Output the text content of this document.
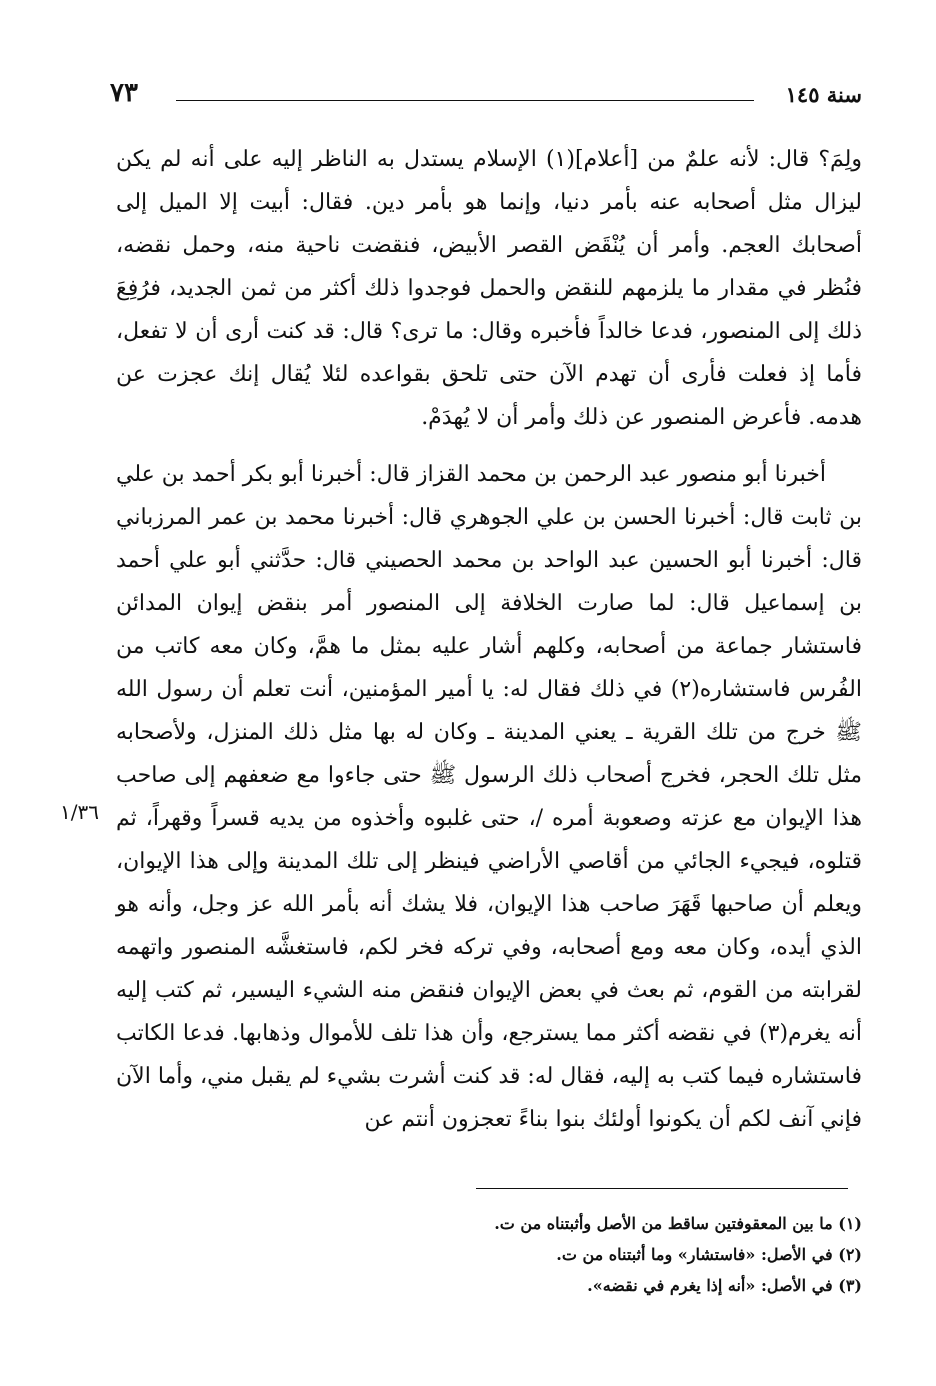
سنة ١٤٥
٧٣
١/٣٦

ولِمَ؟ قال: لأنه علمٌ من [أعلام](١) الإسلام يستدل به الناظر إليه على أنه لم يكن ليزال مثل أصحابه عنه بأمر دنيا، وإنما هو بأمر دين. فقال: أبيت إلا الميل إلى أصحابك العجم. وأمر أن يُنْقَض القصر الأبيض، فنقضت ناحية منه، وحمل نقضه، فنُظر في مقدار ما يلزمهم للنقض والحمل فوجدوا ذلك أكثر من ثمن الجديد، فرُفِعَ ذلك إلى المنصور، فدعا خالداً فأخبره وقال: ما ترى؟ قال: قد كنت أرى أن لا تفعل، فأما إذ فعلت فأرى أن تهدم الآن حتى تلحق بقواعده لئلا يُقال إنك عجزت عن هدمه. فأعرض المنصور عن ذلك وأمر أن لا يُهدَمْ.

أخبرنا أبو منصور عبد الرحمن بن محمد القزاز قال: أخبرنا أبو بكر أحمد بن علي بن ثابت قال: أخبرنا الحسن بن علي الجوهري قال: أخبرنا محمد بن عمر المرزباني قال: أخبرنا أبو الحسين عبد الواحد بن محمد الحصيني قال: حدَّثني أبو علي أحمد بن إسماعيل قال: لما صارت الخلافة إلى المنصور أمر بنقض إيوان المدائن فاستشار جماعة من أصحابه، وكلهم أشار عليه بمثل ما همَّ، وكان معه كاتب من الفُرس فاستشاره(٢) في ذلك فقال له: يا أمير المؤمنين، أنت تعلم أن رسول الله ﷺ خرج من تلك القرية ـ يعني المدينة ـ وكان له بها مثل ذلك المنزل، ولأصحابه مثل تلك الحجر، فخرج أصحاب ذلك الرسول ﷺ حتى جاءوا مع ضعفهم إلى صاحب هذا الإيوان مع عزته وصعوبة أمره /، حتى غلبوه وأخذوه من يديه قسراً وقهراً، ثم قتلوه، فيجيء الجائي من أقاصي الأراضي فينظر إلى تلك المدينة وإلى هذا الإيوان، ويعلم أن صاحبها قَهَرَ صاحب هذا الإيوان، فلا يشك أنه بأمر الله عز وجل، وأنه هو الذي أيده، وكان معه ومع أصحابه، وفي تركه فخر لكم، فاستغشَّه المنصور واتهمه لقرابته من القوم، ثم بعث في بعض الإيوان فنقض منه الشيء اليسير، ثم كتب إليه أنه يغرم(٣) في نقضه أكثر مما يسترجع، وأن هذا تلف للأموال وذهابها. فدعا الكاتب فاستشاره فيما كتب به إليه، فقال له: قد كنت أشرت بشيء لم يقبل مني، وأما الآن فإني آنف لكم أن يكونوا أولئك بنوا بناءً تعجزون أنتم عن

(١) ما بين المعقوفتين ساقط من الأصل وأثبتناه من ت.
(٢) في الأصل: «فاستشار» وما أثبتناه من ت.
(٣) في الأصل: «أنه إذا يغرم في نقضه».
